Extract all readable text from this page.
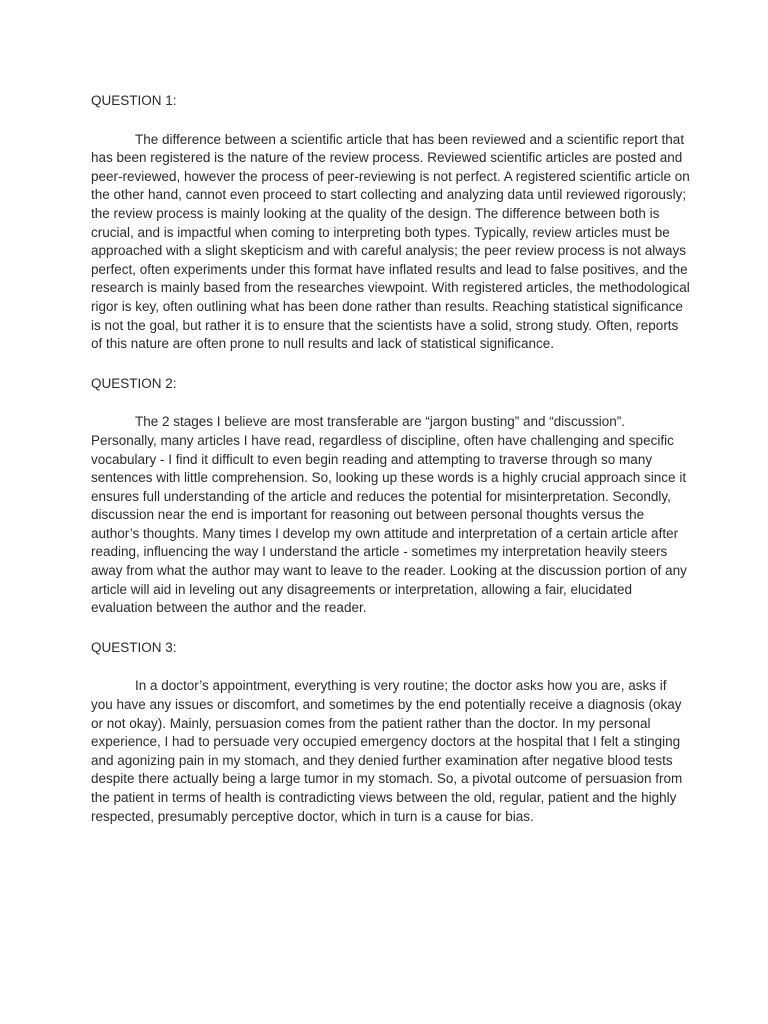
QUESTION 1:

The difference between a scientific article that has been reviewed and a scientific report that has been registered is the nature of the review process. Reviewed scientific articles are posted and peer-reviewed, however the process of peer-reviewing is not perfect. A registered scientific article on the other hand, cannot even proceed to start collecting and analyzing data until reviewed rigorously; the review process is mainly looking at the quality of the design. The difference between both is crucial, and is impactful when coming to interpreting both types. Typically, review articles must be approached with a slight skepticism and with careful analysis; the peer review process is not always perfect, often experiments under this format have inflated results and lead to false positives, and the research is mainly based from the researches viewpoint. With registered articles, the methodological rigor is key, often outlining what has been done rather than results. Reaching statistical significance is not the goal, but rather it is to ensure that the scientists have a solid, strong study. Often, reports of this nature are often prone to null results and lack of statistical significance.

QUESTION 2:

The 2 stages I believe are most transferable are “jargon busting” and “discussion”. Personally, many articles I have read, regardless of discipline, often have challenging and specific vocabulary - I find it difficult to even begin reading and attempting to traverse through so many sentences with little comprehension. So, looking up these words is a highly crucial approach since it ensures full understanding of the article and reduces the potential for misinterpretation. Secondly, discussion near the end is important for reasoning out between personal thoughts versus the author’s thoughts. Many times I develop my own attitude and interpretation of a certain article after reading, influencing the way I understand the article - sometimes my interpretation heavily steers away from what the author may want to leave to the reader. Looking at the discussion portion of any article will aid in leveling out any disagreements or interpretation, allowing a fair, elucidated evaluation between the author and the reader.

QUESTION 3:

In a doctor’s appointment, everything is very routine; the doctor asks how you are, asks if you have any issues or discomfort, and sometimes by the end potentially receive a diagnosis (okay or not okay). Mainly, persuasion comes from the patient rather than the doctor. In my personal experience, I had to persuade very occupied emergency doctors at the hospital that I felt a stinging and agonizing pain in my stomach, and they denied further examination after negative blood tests despite there actually being a large tumor in my stomach. So, a pivotal outcome of persuasion from the patient in terms of health is contradicting views between the old, regular, patient and the highly respected, presumably perceptive doctor, which in turn is a cause for bias.
